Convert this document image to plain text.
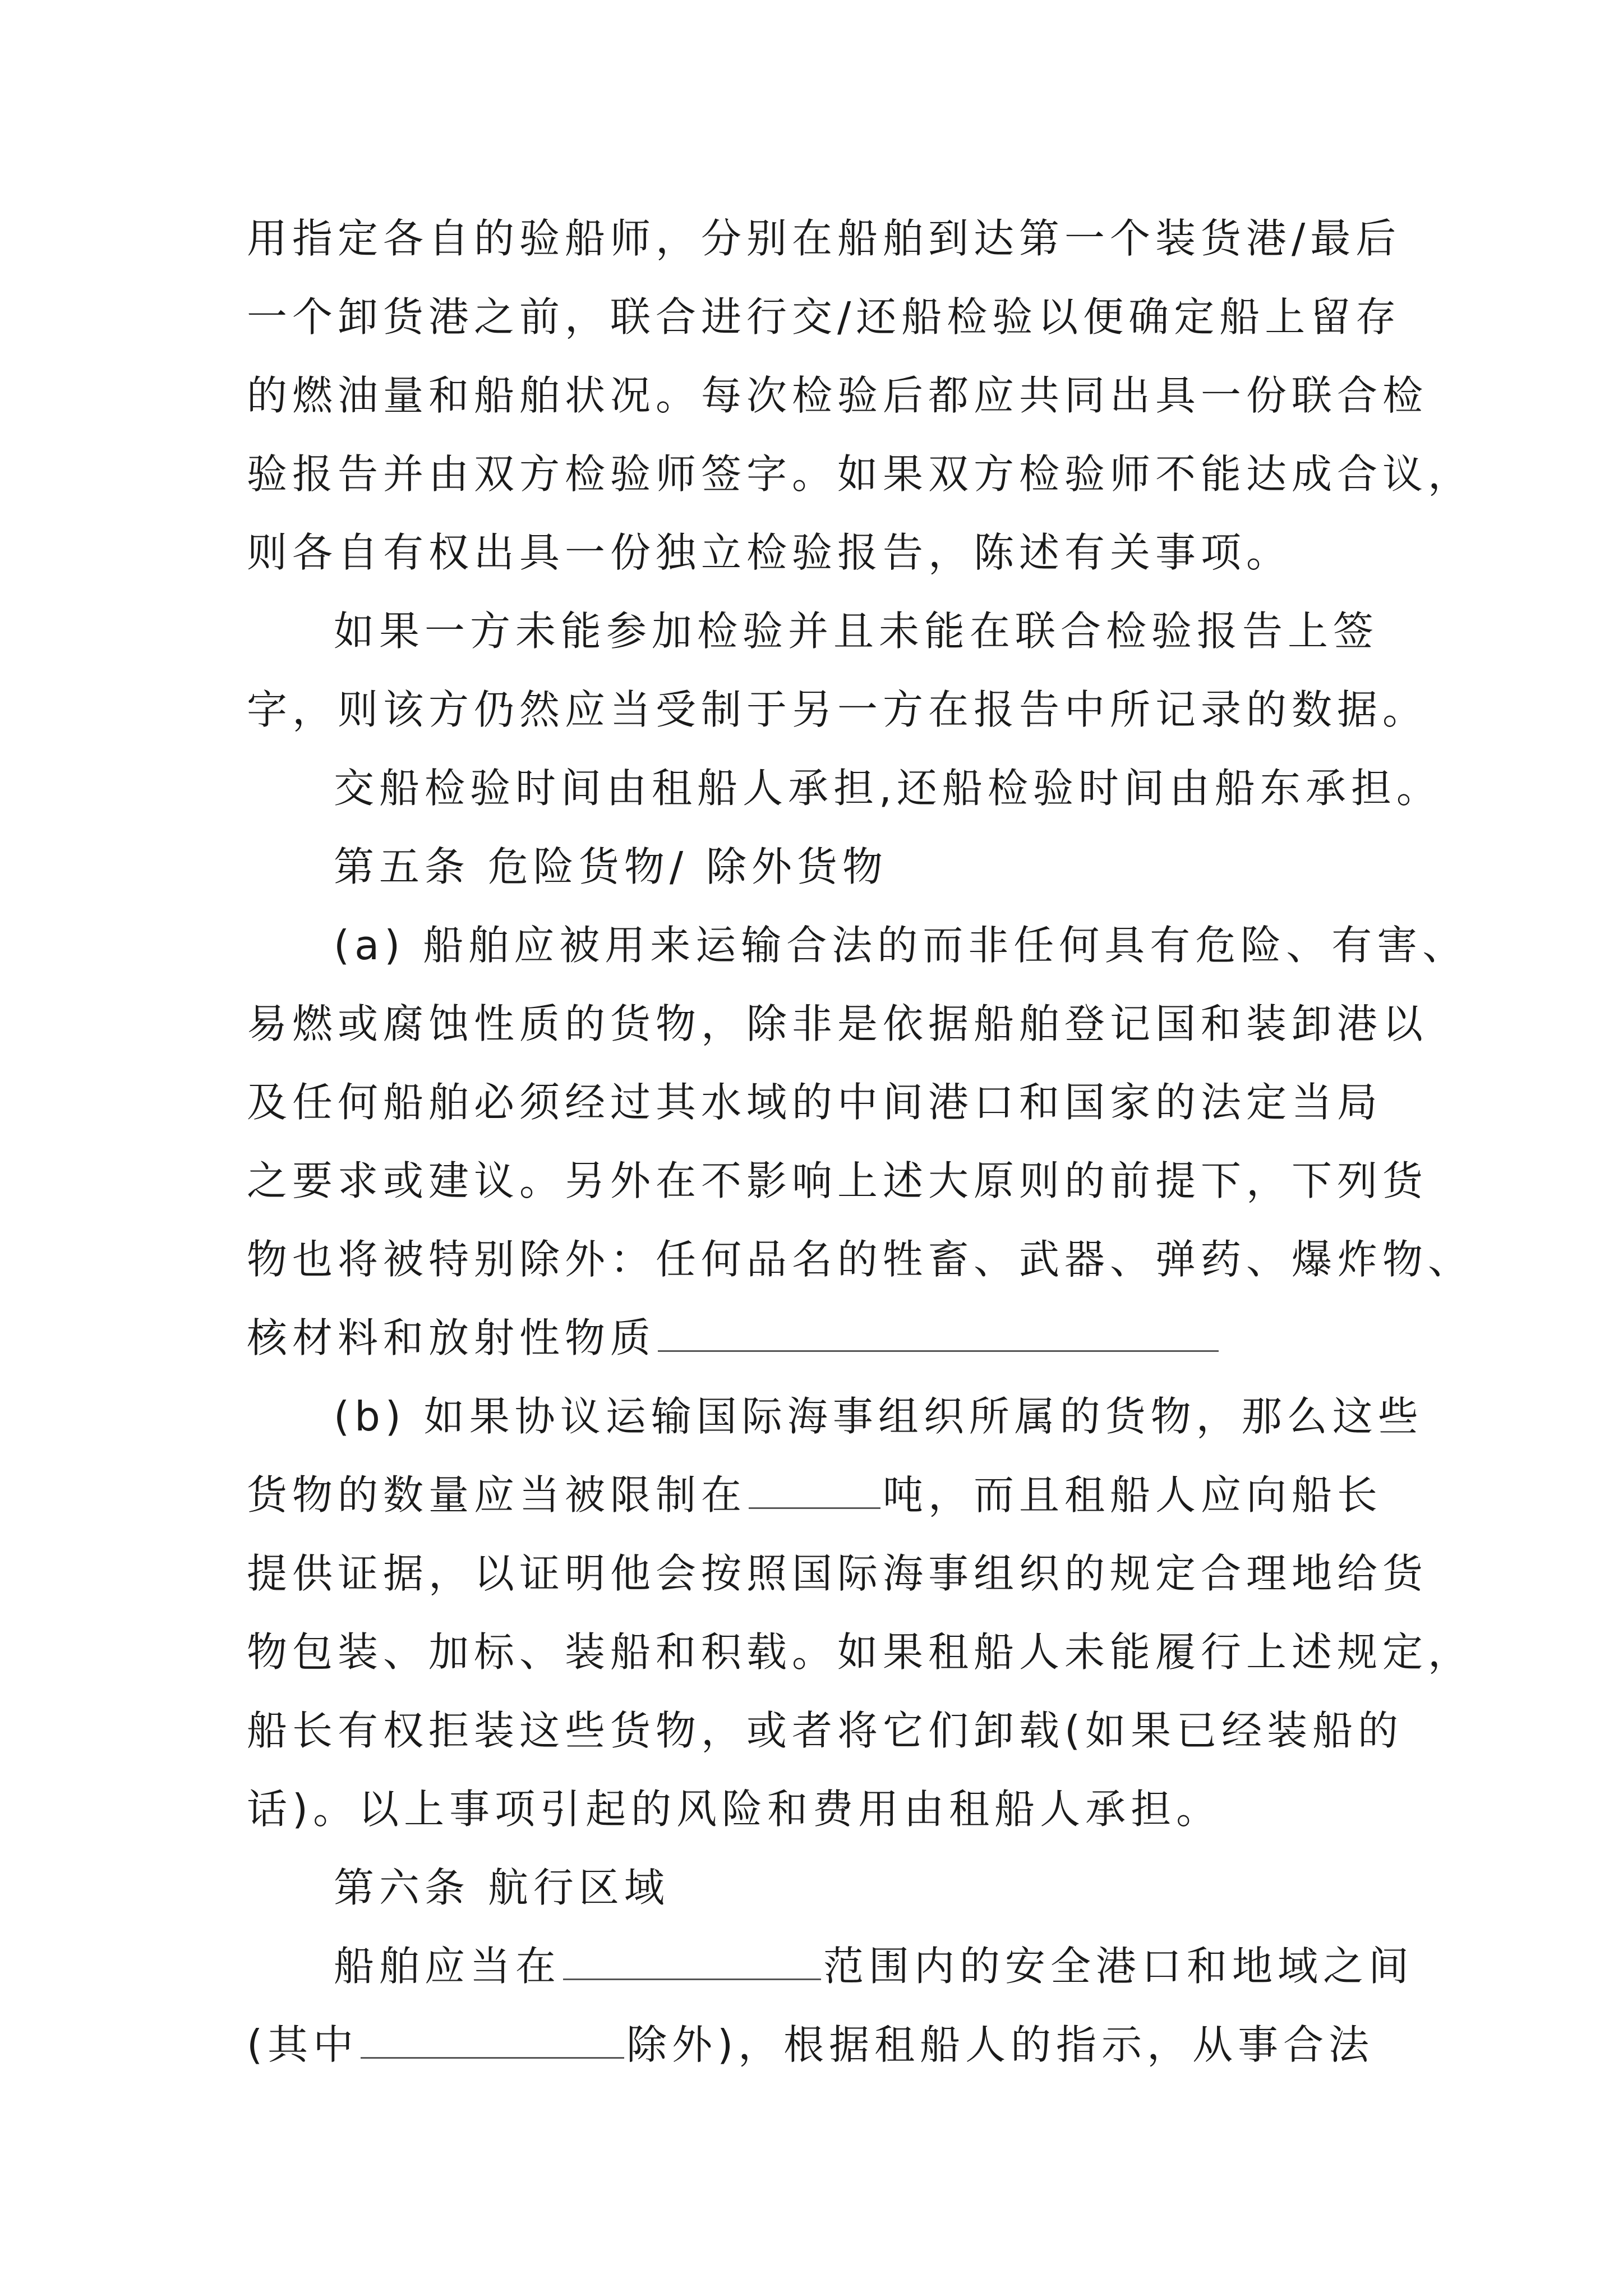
用指定各自的验船师，分别在船舶到达第一个装货港/最后
一个卸货港之前，联合进行交/还船检验以便确定船上留存
的燃油量和船舶状况。每次检验后都应共同出具一份联合检
验报告并由双方检验师签字。如果双方检验师不能达成合议，
则各自有权出具一份独立检验报告，陈述有关事项。
如果一方未能参加检验并且未能在联合检验报告上签
字，则该方仍然应当受制于另一方在报告中所记录的数据。
交船检验时间由租船人承担,还船检验时间由船东承担。
第五条 危险货物/ 除外货物
(a) 船舶应被用来运输合法的而非任何具有危险、有害、
易燃或腐蚀性质的货物，除非是依据船舶登记国和装卸港以
及任何船舶必须经过其水域的中间港口和国家的法定当局
之要求或建议。另外在不影响上述大原则的前提下，下列货
物也将被特别除外：任何品名的牲畜、武器、弹药、爆炸物、
核材料和放射性物质
(b) 如果协议运输国际海事组织所属的货物，那么这些
货物的数量应当被限制在	吨，而且租船人应向船长
提供证据，以证明他会按照国际海事组织的规定合理地给货
物包装、加标、装船和积载。如果租船人未能履行上述规定，
船长有权拒装这些货物，或者将它们卸载(如果已经装船的
话)。以上事项引起的风险和费用由租船人承担。
第六条 航行区域
船舶应当在	范围内的安全港口和地域之间
(其中	除外)，根据租船人的指示，从事合法
